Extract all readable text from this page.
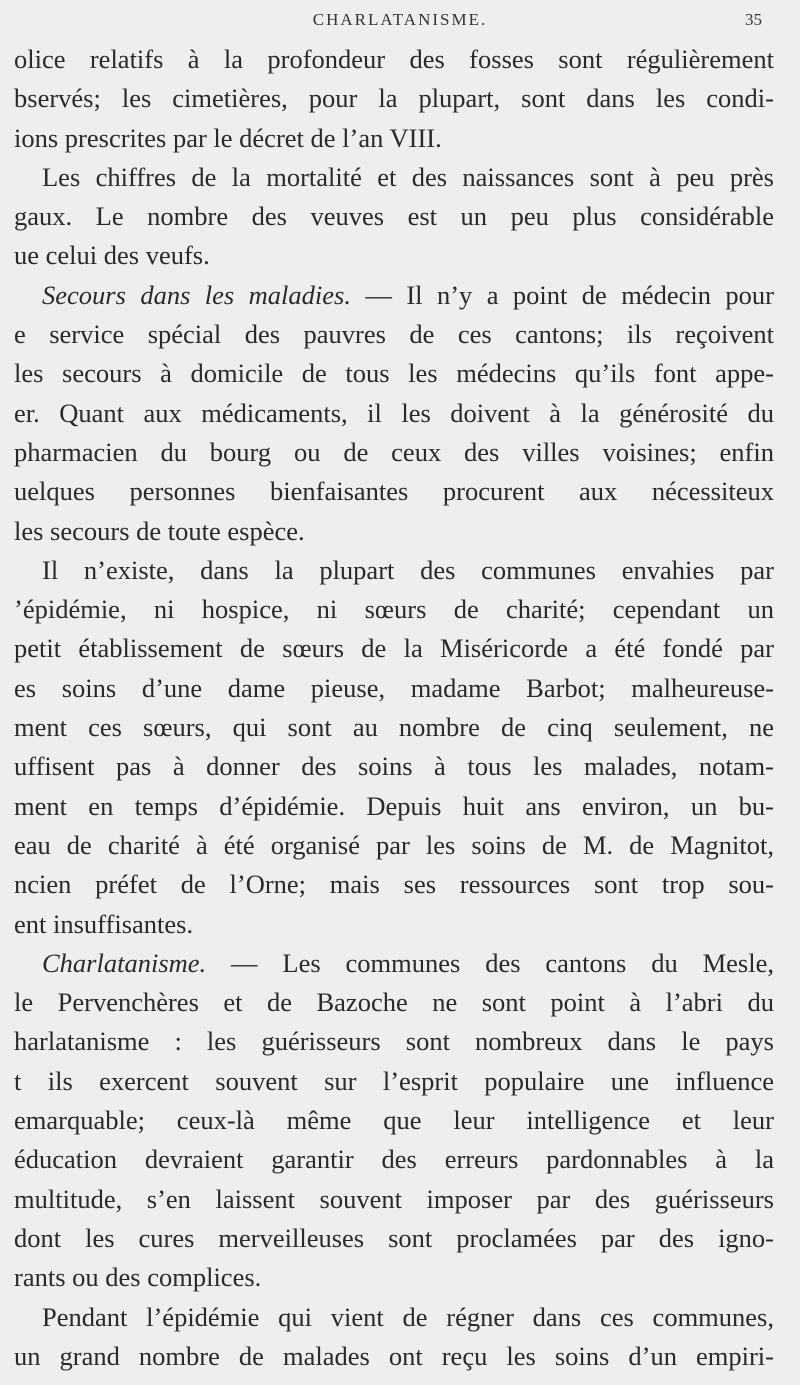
CHARLATANISME.	35
olice relatifs à la profondeur des fosses sont régulièrement
bservés; les cimetières, pour la plupart, sont dans les condi-
ions prescrites par le décret de l’an VIII.
Les chiffres de la mortalité et des naissances sont à peu près
gaux. Le nombre des veuves est un peu plus considérable
ue celui des veufs.
Secours dans les maladies. — Il n’y a point de médecin pour
e service spécial des pauvres de ces cantons; ils reçoivent
les secours à domicile de tous les médecins qu’ils font appe-
er. Quant aux médicaments, il les doivent à la générosité du
pharmacien du bourg ou de ceux des villes voisines; enfin
uelques personnes bienfaisantes procurent aux nécessiteux
les secours de toute espèce.
Il n’existe, dans la plupart des communes envahies par
’épidémie, ni hospice, ni sœurs de charité; cependant un
petit établissement de sœurs de la Miséricorde a été fondé par
es soins d’une dame pieuse, madame Barbot; malheureuse-
ment ces sœurs, qui sont au nombre de cinq seulement, ne
uffisent pas à donner des soins à tous les malades, notam-
ment en temps d’épidémie. Depuis huit ans environ, un bu-
eau de charité à été organisé par les soins de M. de Magnitot,
ncien préfet de l’Orne; mais ses ressources sont trop sou-
ent insuffisantes.
Charlatanisme. — Les communes des cantons du Mesle,
le Pervenchères et de Bazoche ne sont point à l’abri du
harlatanisme : les guérisseurs sont nombreux dans le pays
t ils exercent souvent sur l’esprit populaire une influence
emarquable; ceux-là même que leur intelligence et leur
éducation devraient garantir des erreurs pardonnables à la
multitude, s’en laissent souvent imposer par des guérisseurs
dont les cures merveilleuses sont proclamées par des igno-
rants ou des complices.
Pendant l’épidémie qui vient de régner dans ces communes,
un grand nombre de malades ont reçu les soins d’un empiri-
